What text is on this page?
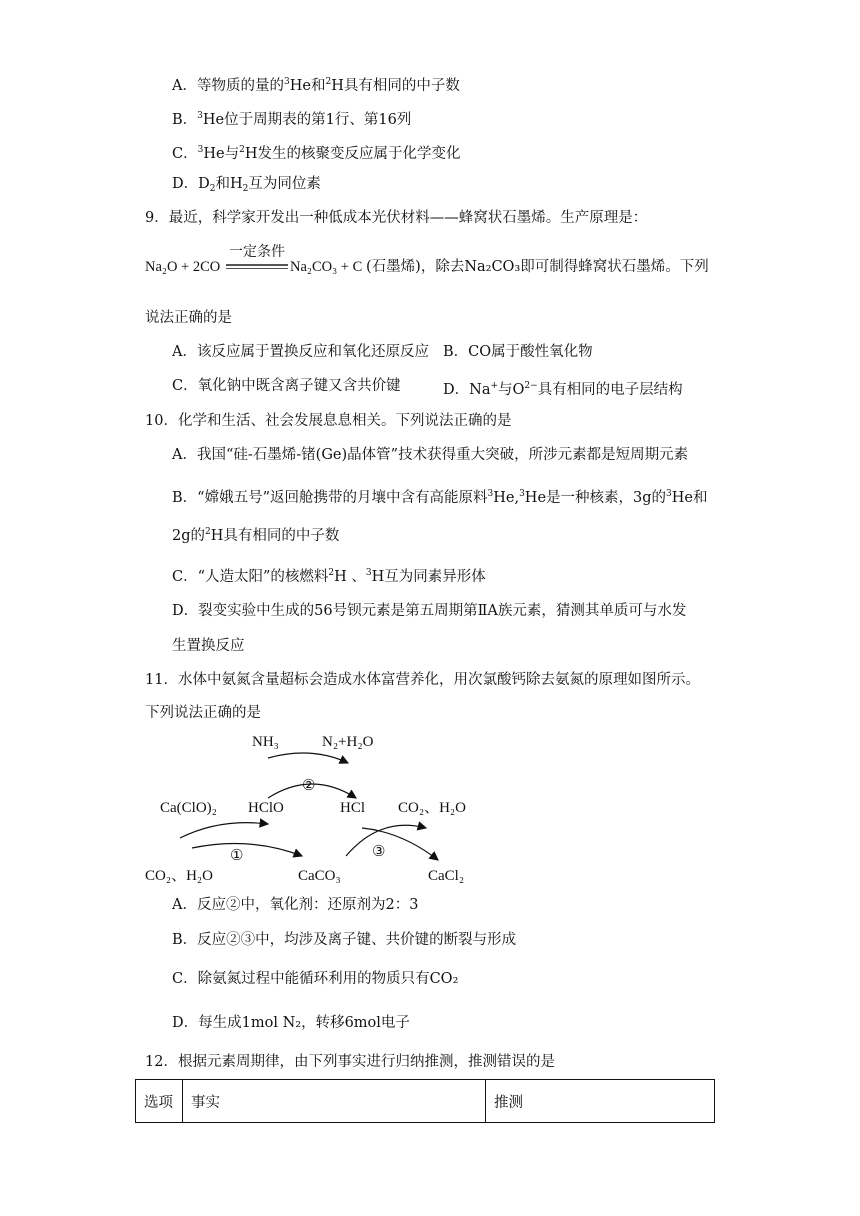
A．等物质的量的$^3$He和$^2$H具有相同的中子数
B．$^3$He位于周期表的第1行、第16列
C．$^3$He与$^2$H发生的核聚变反应属于化学变化
D．$D_2$和$H_2$互为同位素
9．最近，科学家开发出一种低成本光伏材料——蜂窝状石墨烯。生产原理是：
Na₂O + 2CO
一定条件
Na₂CO₃ + C (石墨烯)，除去Na₂CO₃即可制得蜂窝状石墨烯。下列
说法正确的是
A．该反应属于置换反应和氧化还原反应 B．CO属于酸性氧化物
C．氧化钠中既含离子键又含共价键	D．Na+与$O^{2-}$具有相同的电子层结构
10．化学和生活、社会发展息息相关。下列说法正确的是
A．我国“硅-石墨烯-锗(Ge)晶体管”技术获得重大突破，所涉元素都是短周期元素
B．“嫦娥五号”返回舱携带的月壤中含有高能原料$^3$He,$^3$He是一种核素，3g的$^3$He和
2g的$^2$H具有相同的中子数
C．“人造太阳”的核燃料$^2$H 、$^3$H互为同素异形体
D．裂变实验中生成的56号钡元素是第五周期第ⅡA族元素，猜测其单质可与水发
生置换反应
11．水体中氨氮含量超标会造成水体富营养化，用次氯酸钙除去氨氮的原理如图所示。
下列说法正确的是
NH₃	N₂+H₂O
②
Ca(ClO)₂ HClO	HCl CO₂、H₂O
①	③
CO₂、H₂O	CaCO₃	CaCl₂
A．反应②中，氧化剂：还原剂为2：3
B．反应②③中，均涉及离子键、共价键的断裂与形成
C．除氨氮过程中能循环利用的物质只有CO₂
D．每生成1mol N₂，转移6mol电子
12．根据元素周期律，由下列事实进行归纳推测，推测错误的是
选项	事实	推测
